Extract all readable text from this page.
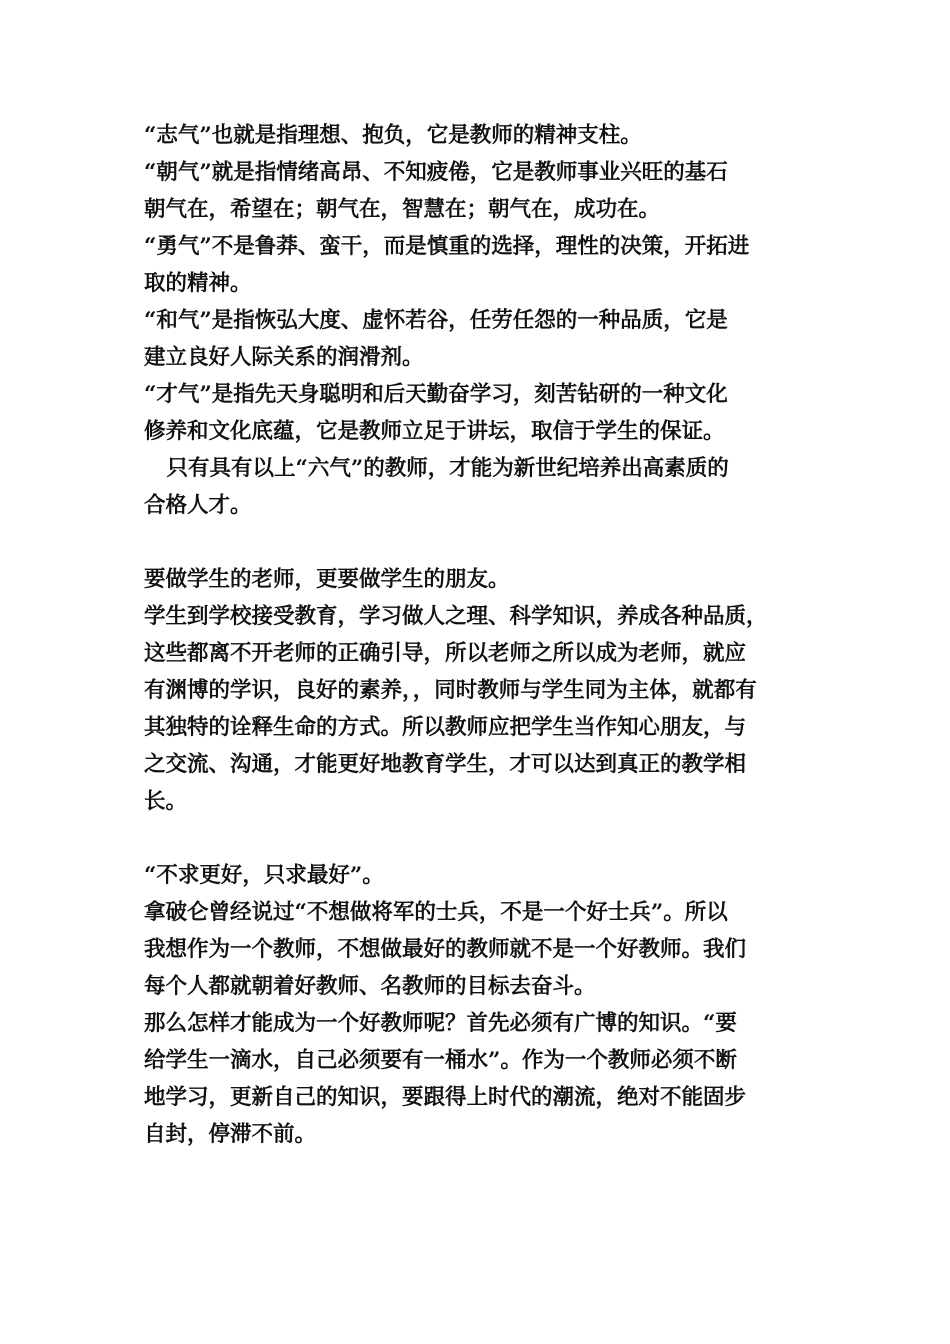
“志气”也就是指理想、抱负，它是教师的精神支柱。
“朝气”就是指情绪高昂、不知疲倦，它是教师事业兴旺的基石
朝气在，希望在；朝气在，智慧在；朝气在，成功在。
“勇气”不是鲁莽、蛮干，而是慎重的选择，理性的决策，开拓进
取的精神。
“和气”是指恢弘大度、虚怀若谷，任劳任怨的一种品质，它是
建立良好人际关系的润滑剂。
“才气”是指先天身聪明和后天勤奋学习，刻苦钻研的一种文化
修养和文化底蕴，它是教师立足于讲坛，取信于学生的保证。
只有具有以上“六气”的教师，才能为新世纪培养出高素质的
合格人才。
要做学生的老师，更要做学生的朋友。
学生到学校接受教育，学习做人之理、科学知识，养成各种品质，
这些都离不开老师的正确引导，所以老师之所以成为老师，就应
有渊博的学识，良好的素养，，同时教师与学生同为主体，就都有
其独特的诠释生命的方式。所以教师应把学生当作知心朋友，与
之交流、沟通，才能更好地教育学生，才可以达到真正的教学相
长。
“不求更好，只求最好”。
拿破仑曾经说过“不想做将军的士兵，不是一个好士兵”。所以
我想作为一个教师，不想做最好的教师就不是一个好教师。我们
每个人都就朝着好教师、名教师的目标去奋斗。
那么怎样才能成为一个好教师呢？首先必须有广博的知识。“要
给学生一滴水，自己必须要有一桶水”。作为一个教师必须不断
地学习，更新自己的知识，要跟得上时代的潮流，绝对不能固步
自封，停滞不前。
